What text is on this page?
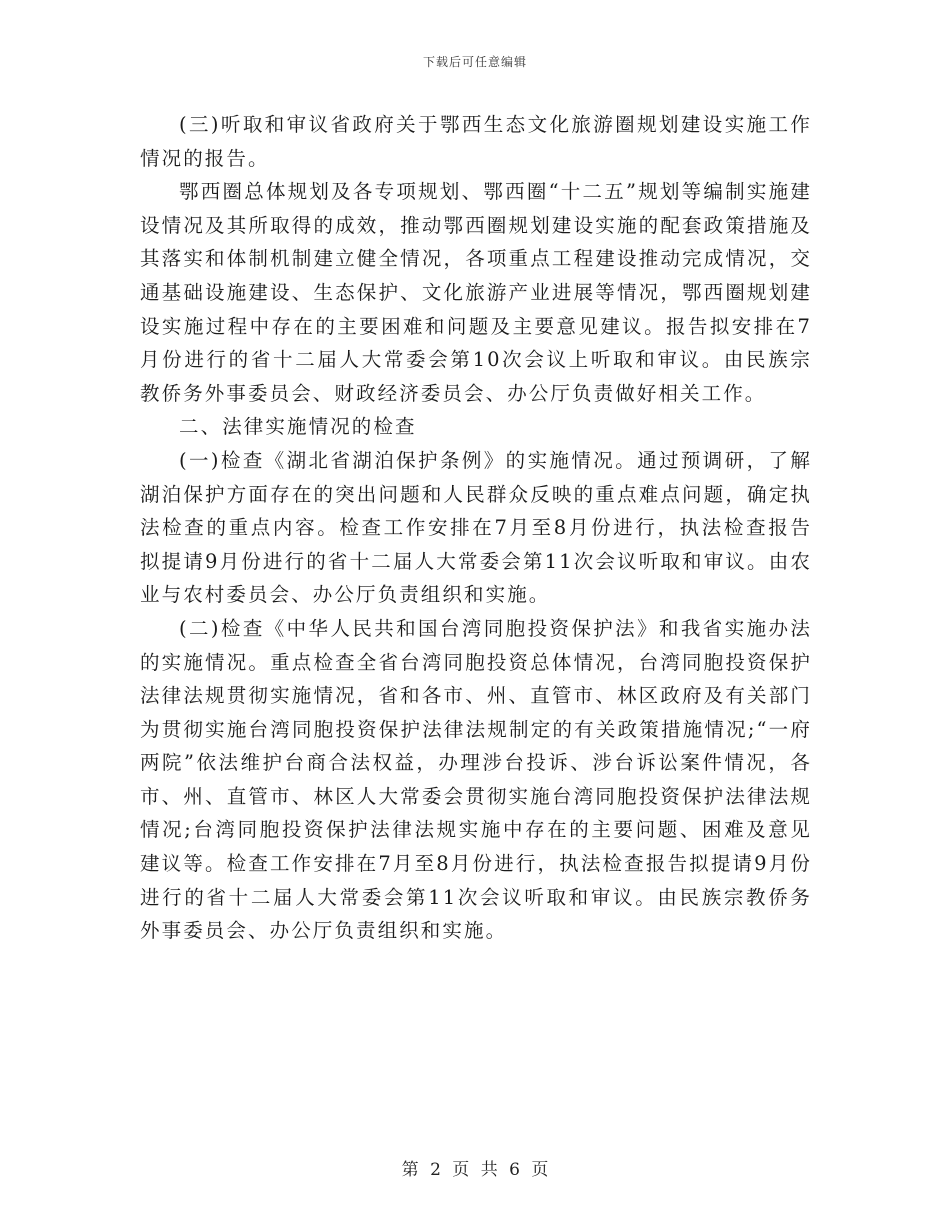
下载后可任意编辑

(三)听取和审议省政府关于鄂西生态文化旅游圈规划建设实施工作情况的报告。

鄂西圈总体规划及各专项规划、鄂西圈“十二五”规划等编制实施建设情况及其所取得的成效，推动鄂西圈规划建设实施的配套政策措施及其落实和体制机制建立健全情况，各项重点工程建设推动完成情况，交通基础设施建设、生态保护、文化旅游产业进展等情况，鄂西圈规划建设实施过程中存在的主要困难和问题及主要意见建议。报告拟安排在7月份进行的省十二届人大常委会第10次会议上听取和审议。由民族宗教侨务外事委员会、财政经济委员会、办公厅负责做好相关工作。

二、法律实施情况的检查

(一)检查《湖北省湖泊保护条例》的实施情况。通过预调研，了解湖泊保护方面存在的突出问题和人民群众反映的重点难点问题，确定执法检查的重点内容。检查工作安排在7月至8月份进行，执法检查报告拟提请9月份进行的省十二届人大常委会第11次会议听取和审议。由农业与农村委员会、办公厅负责组织和实施。

(二)检查《中华人民共和国台湾同胞投资保护法》和我省实施办法的实施情况。重点检查全省台湾同胞投资总体情况，台湾同胞投资保护法律法规贯彻实施情况，省和各市、州、直管市、林区政府及有关部门为贯彻实施台湾同胞投资保护法律法规制定的有关政策措施情况;“一府两院”依法维护台商合法权益，办理涉台投诉、涉台诉讼案件情况，各市、州、直管市、林区人大常委会贯彻实施台湾同胞投资保护法律法规情况;台湾同胞投资保护法律法规实施中存在的主要问题、困难及意见建议等。检查工作安排在7月至8月份进行，执法检查报告拟提请9月份进行的省十二届人大常委会第11次会议听取和审议。由民族宗教侨务外事委员会、办公厅负责组织和实施。

第 2 页 共 6 页
